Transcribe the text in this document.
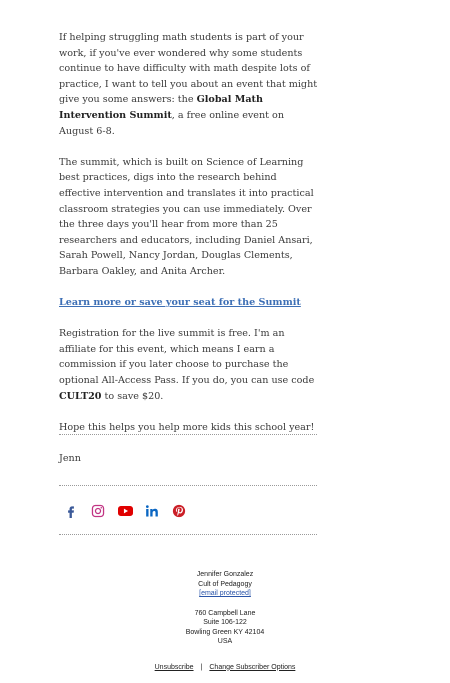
If helping struggling math students is part of your work, if you've ever wondered why some students continue to have difficulty with math despite lots of practice, I want to tell you about an event that might give you some answers: the Global Math Intervention Summit, a free online event on August 6-8.

The summit, which is built on Science of Learning best practices, digs into the research behind effective intervention and translates it into practical classroom strategies you can use immediately. Over the three days you'll hear from more than 25 researchers and educators, including Daniel Ansari, Sarah Powell, Nancy Jordan, Douglas Clements, Barbara Oakley, and Anita Archer.

Learn more or save your seat for the Summit

Registration for the live summit is free. I'm an affiliate for this event, which means I earn a commission if you later choose to purchase the optional All-Access Pass. If you do, you can use code CULT20 to save $20.

Hope this helps you help more kids this school year!

Jenn

Jennifer Gonzalez
Cult of Pedagogy
[email protected]
760 Campbell Lane
Suite 106-122
Bowling Green KY 42104
USA
Unsubscribe | Change Subscriber Options
